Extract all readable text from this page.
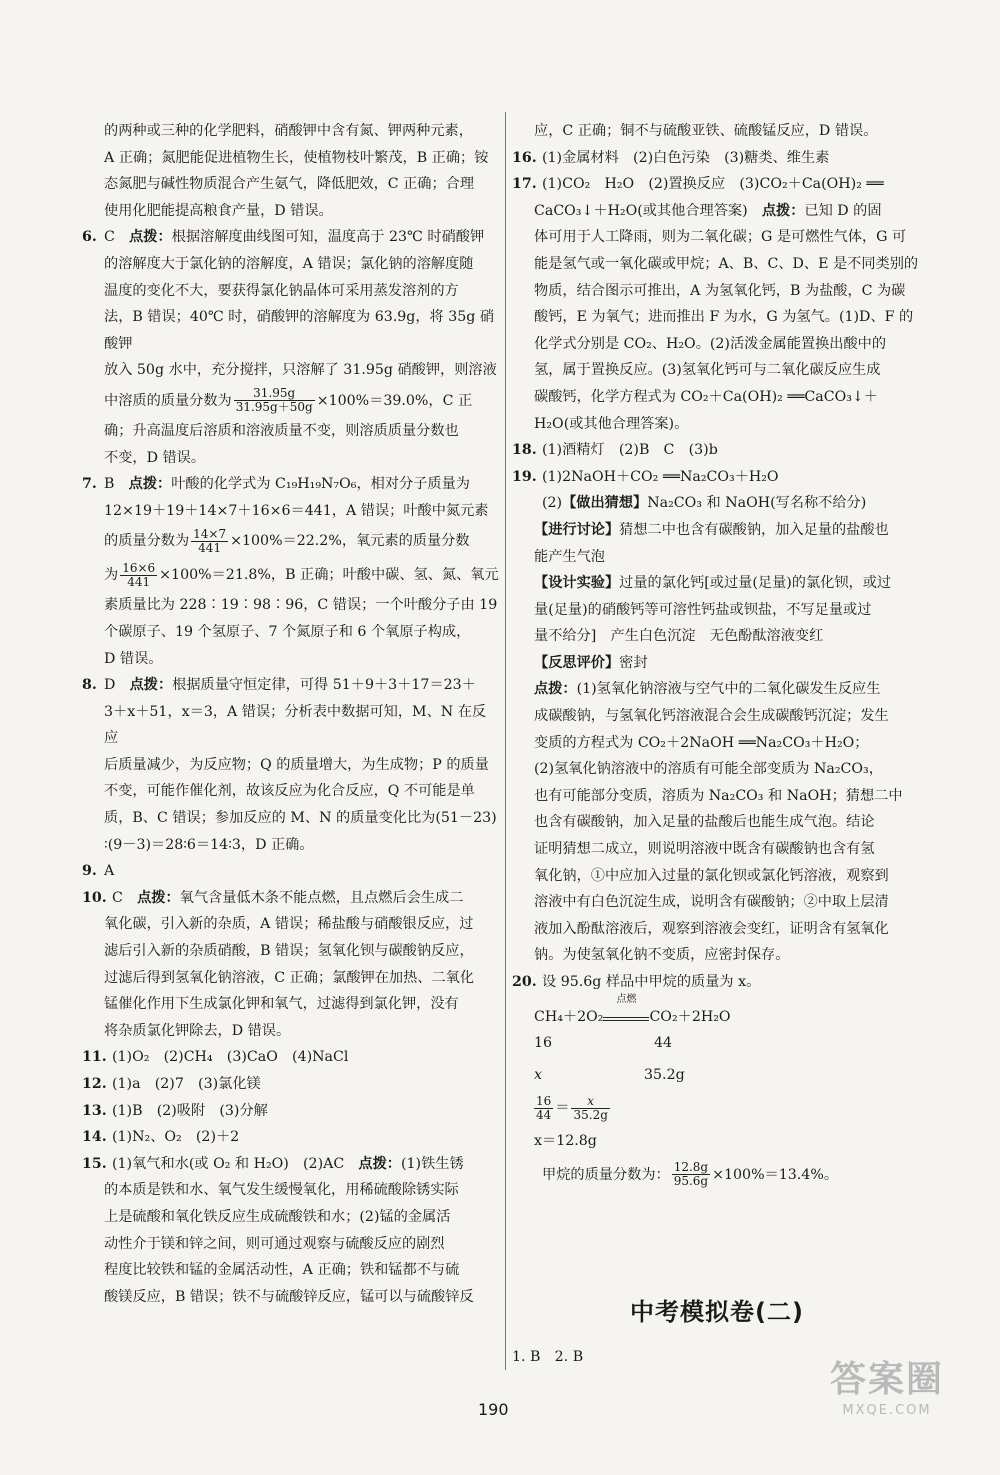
的两种或三种的化学肥料，硝酸钾中含有氮、钾两种元素，
A 正确；氮肥能促进植物生长，使植物枝叶繁茂，B 正确；铵
态氮肥与碱性物质混合产生氨气，降低肥效，C 正确；合理
使用化肥能提高粮食产量，D 错误。
6. C　 点拨：根据溶解度曲线图可知，温度高于 23℃ 时硝酸钾
的溶解度大于氯化钠的溶解度，A 错误；氯化钠的溶解度随
温度的变化不大，要获得氯化钠晶体可采用蒸发溶剂的方
法，B 错误；40℃ 时，硝酸钾的溶解度为 63.9g，将 35g 硝酸钾
放入 50g 水中，充分搅拌，只溶解了 31.95g 硝酸钾，则溶液
中溶质的质量分数为 $\frac{31.95g}{31.95g+50g} \times 100\%=39.0\%$，C 正
确；升高温度后溶质和溶液质量不变，则溶质质量分数也
不变，D 错误。
7. B　 点拨：叶酸的化学式为 C₁₉H₁₉N₇O₆，相对分子质量为
12×19＋19＋14×7＋16×6＝441，A 错误；叶酸中氮元素
的质量分数为 $\frac{14\times 7}{441} \times 100\%=22.2\%$，氧元素的质量分数
为 $\frac{16\times 6}{441} \times 100\%=21.8\%$，B 正确；叶酸中碳、氢、氮、氧元
素质量比为 228∶19∶98∶96，C 错误；一个叶酸分子由 19
个碳原子、19 个氢原子、7 个氮原子和 6 个氧原子构成，
D 错误。
8. D　 点拨：根据质量守恒定律，可得 51＋9＋3＋17＝23＋
3＋x＋51，x＝3，A 错误；分析表中数据可知，M、N 在反应
后质量减少，为反应物；Q 的质量增大，为生成物；P 的质量
不变，可能作催化剂，故该反应为化合反应，Q 不可能是单
质，B、C 错误；参加反应的 M、N 的质量变化比为(51－23)
∶(9－3)＝28∶6＝14∶3，D 正确。
9. A
10. C　 点拨：氧气含量低木条不能点燃，且点燃后会生成二
氧化碳，引入新的杂质，A 错误；稀盐酸与硝酸银反应，过
滤后引入新的杂质硝酸，B 错误；氢氧化钡与碳酸钠反应，
过滤后得到氢氧化钠溶液，C 正确；氯酸钾在加热、二氧化
锰催化作用下生成氯化钾和氧气，过滤得到氯化钾，没有
将杂质氯化钾除去，D 错误。
11. (1)O₂　(2)CH₄　(3)CaO　(4)NaCl
12. (1)a　(2)7　(3)氯化镁
13. (1)B　(2)吸附　(3)分解
14. (1)N₂、O₂　(2)＋2
15. (1)氧气和水(或 O₂ 和 H₂O)　(2)AC　点拨：(1)铁生锈
的本质是铁和水、氧气发生缓慢氧化，用稀硫酸除锈实际
上是硫酸和氧化铁反应生成硫酸铁和水；(2)锰的金属活
动性介于镁和锌之间，则可通过观察与硫酸反应的剧烈
程度比较铁和锰的金属活动性，A 正确；铁和锰都不与硫
酸镁反应，B 错误；铁不与硫酸锌反应，锰可以与硫酸锌反
应，C 正确；铜不与硫酸亚铁、硫酸锰反应，D 错误。
16. (1)金属材料　(2)白色污染　(3)糖类、维生素
17. (1)CO₂　H₂O　(2)置换反应　(3)CO₂＋Ca(OH)₂ ══
CaCO₃↓＋H₂O(或其他合理答案)　点拨：已知 D 的固
体可用于人工降雨，则为二氧化碳；G 是可燃性气体，G 可
能是氢气或一氧化碳或甲烷；A、B、C、D、E 是不同类别的
物质，结合图示可推出，A 为氢氧化钙，B 为盐酸，C 为碳
酸钙，E 为氧气；进而推出 F 为水，G 为氢气。(1)D、F 的
化学式分别是 CO₂、H₂O。(2)活泼金属能置换出酸中的
氢，属于置换反应。(3)氢氧化钙可与二氧化碳反应生成
碳酸钙，化学方程式为 CO₂＋Ca(OH)₂ ══CaCO₃↓＋
H₂O(或其他合理答案)。
18. (1)酒精灯　(2)B　C　(3)b
19. (1)2NaOH＋CO₂ ══Na₂CO₃＋H₂O
(2)【做出猜想】Na₂CO₃ 和 NaOH(写名称不给分)
【进行讨论】猜想二中也含有碳酸钠，加入足量的盐酸也
能产生气泡
【设计实验】过量的氯化钙[或过量(足量)的氯化钡，或过
量(足量)的硝酸钙等可溶性钙盐或钡盐，不写足量或过
量不给分]　产生白色沉淀　无色酚酞溶液变红
【反思评价】密封
点拨：(1)氢氧化钠溶液与空气中的二氧化碳发生反应生
成碳酸钠，与氢氧化钙溶液混合会生成碳酸钙沉淀；发生
变质的方程式为 CO₂＋2NaOH ══Na₂CO₃＋H₂O；
(2)氢氧化钠溶液中的溶质有可能全部变质为 Na₂CO₃，
也有可能部分变质，溶质为 Na₂CO₃ 和 NaOH；猜想二中
也含有碳酸钠，加入足量的盐酸后也能生成气泡。结论
证明猜想二成立，则说明溶液中既含有碳酸钠也含有氢
氧化钠，①中应加入过量的氯化钡或氯化钙溶液，观察到
溶液中有白色沉淀生成，说明含有碳酸钠；②中取上层清
液加入酚酞溶液后，观察到溶液会变红，证明含有氢氧化
钠。为使氢氧化钠不变质，应密封保存。
20. 设 95.6g 样品中甲烷的质量为 x。
CH₄＋2O₂
点燃
CO₂＋2H₂O
16	44
x	35.2g
$\frac{16}{44} = \frac{x}{35.2g}$
x＝12.8g
甲烷的质量分数为： $\frac{12.8g}{95.6g} \times 100\%=13.4\%$。
中考模拟卷(二)
1. B　2. B
190
答案圈
MXQE.COM
